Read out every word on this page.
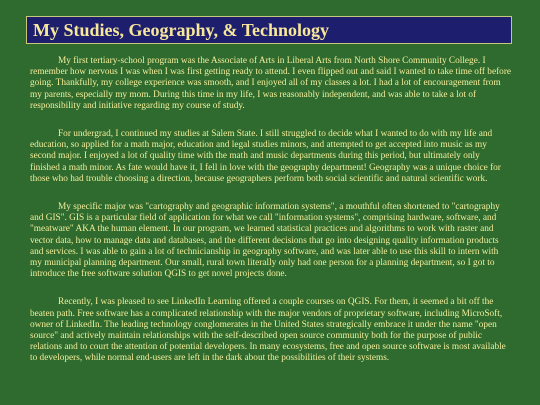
My Studies, Geography, & Technology

My first tertiary-school program was the Associate of Arts in Liberal Arts from North Shore Community College. I remember how nervous I was when I was first getting ready to attend. I even flipped out and said I wanted to take time off before going. Thankfully, my college experience was smooth, and I enjoyed all of my classes a lot. I had a lot of encouragement from my parents, especially my mom. During this time in my life, I was reasonably independent, and was able to take a lot of responsibility and initiative regarding my course of study.

For undergrad, I continued my studies at Salem State. I still struggled to decide what I wanted to do with my life and education, so applied for a math major, education and legal studies minors, and attempted to get accepted into music as my second major. I enjoyed a lot of quality time with the math and music departments during this period, but ultimately only finished a math minor. As fate would have it, I fell in love with the geography department! Geography was a unique choice for those who had trouble choosing a direction, because geographers perform both social scientific and natural scientific work.

My specific major was "cartography and geographic information systems", a mouthful often shortened to "cartography and GIS". GIS is a particular field of application for what we call "information systems", comprising hardware, software, and "meatware" AKA the human element. In our program, we learned statistical practices and algorithms to work with raster and vector data, how to manage data and databases, and the different decisions that go into designing quality information products and services. I was able to gain a lot of technicianship in geography software, and was later able to use this skill to intern with my municipal planning department. Our small, rural town literally only had one person for a planning department, so I got to introduce the free software solution QGIS to get novel projects done.

Recently, I was pleased to see LinkedIn Learning offered a couple courses on QGIS. For them, it seemed a bit off the beaten path. Free software has a complicated relationship with the major vendors of proprietary software, including MicroSoft, owner of LinkedIn. The leading technology conglomerates in the United States strategically embrace it under the name "open source" and actively maintain relationships with the self-described open source community both for the purpose of public relations and to court the attention of potential developers. In many ecosystems, free and open source software is most available to developers, while normal end-users are left in the dark about the possibilities of their systems.
